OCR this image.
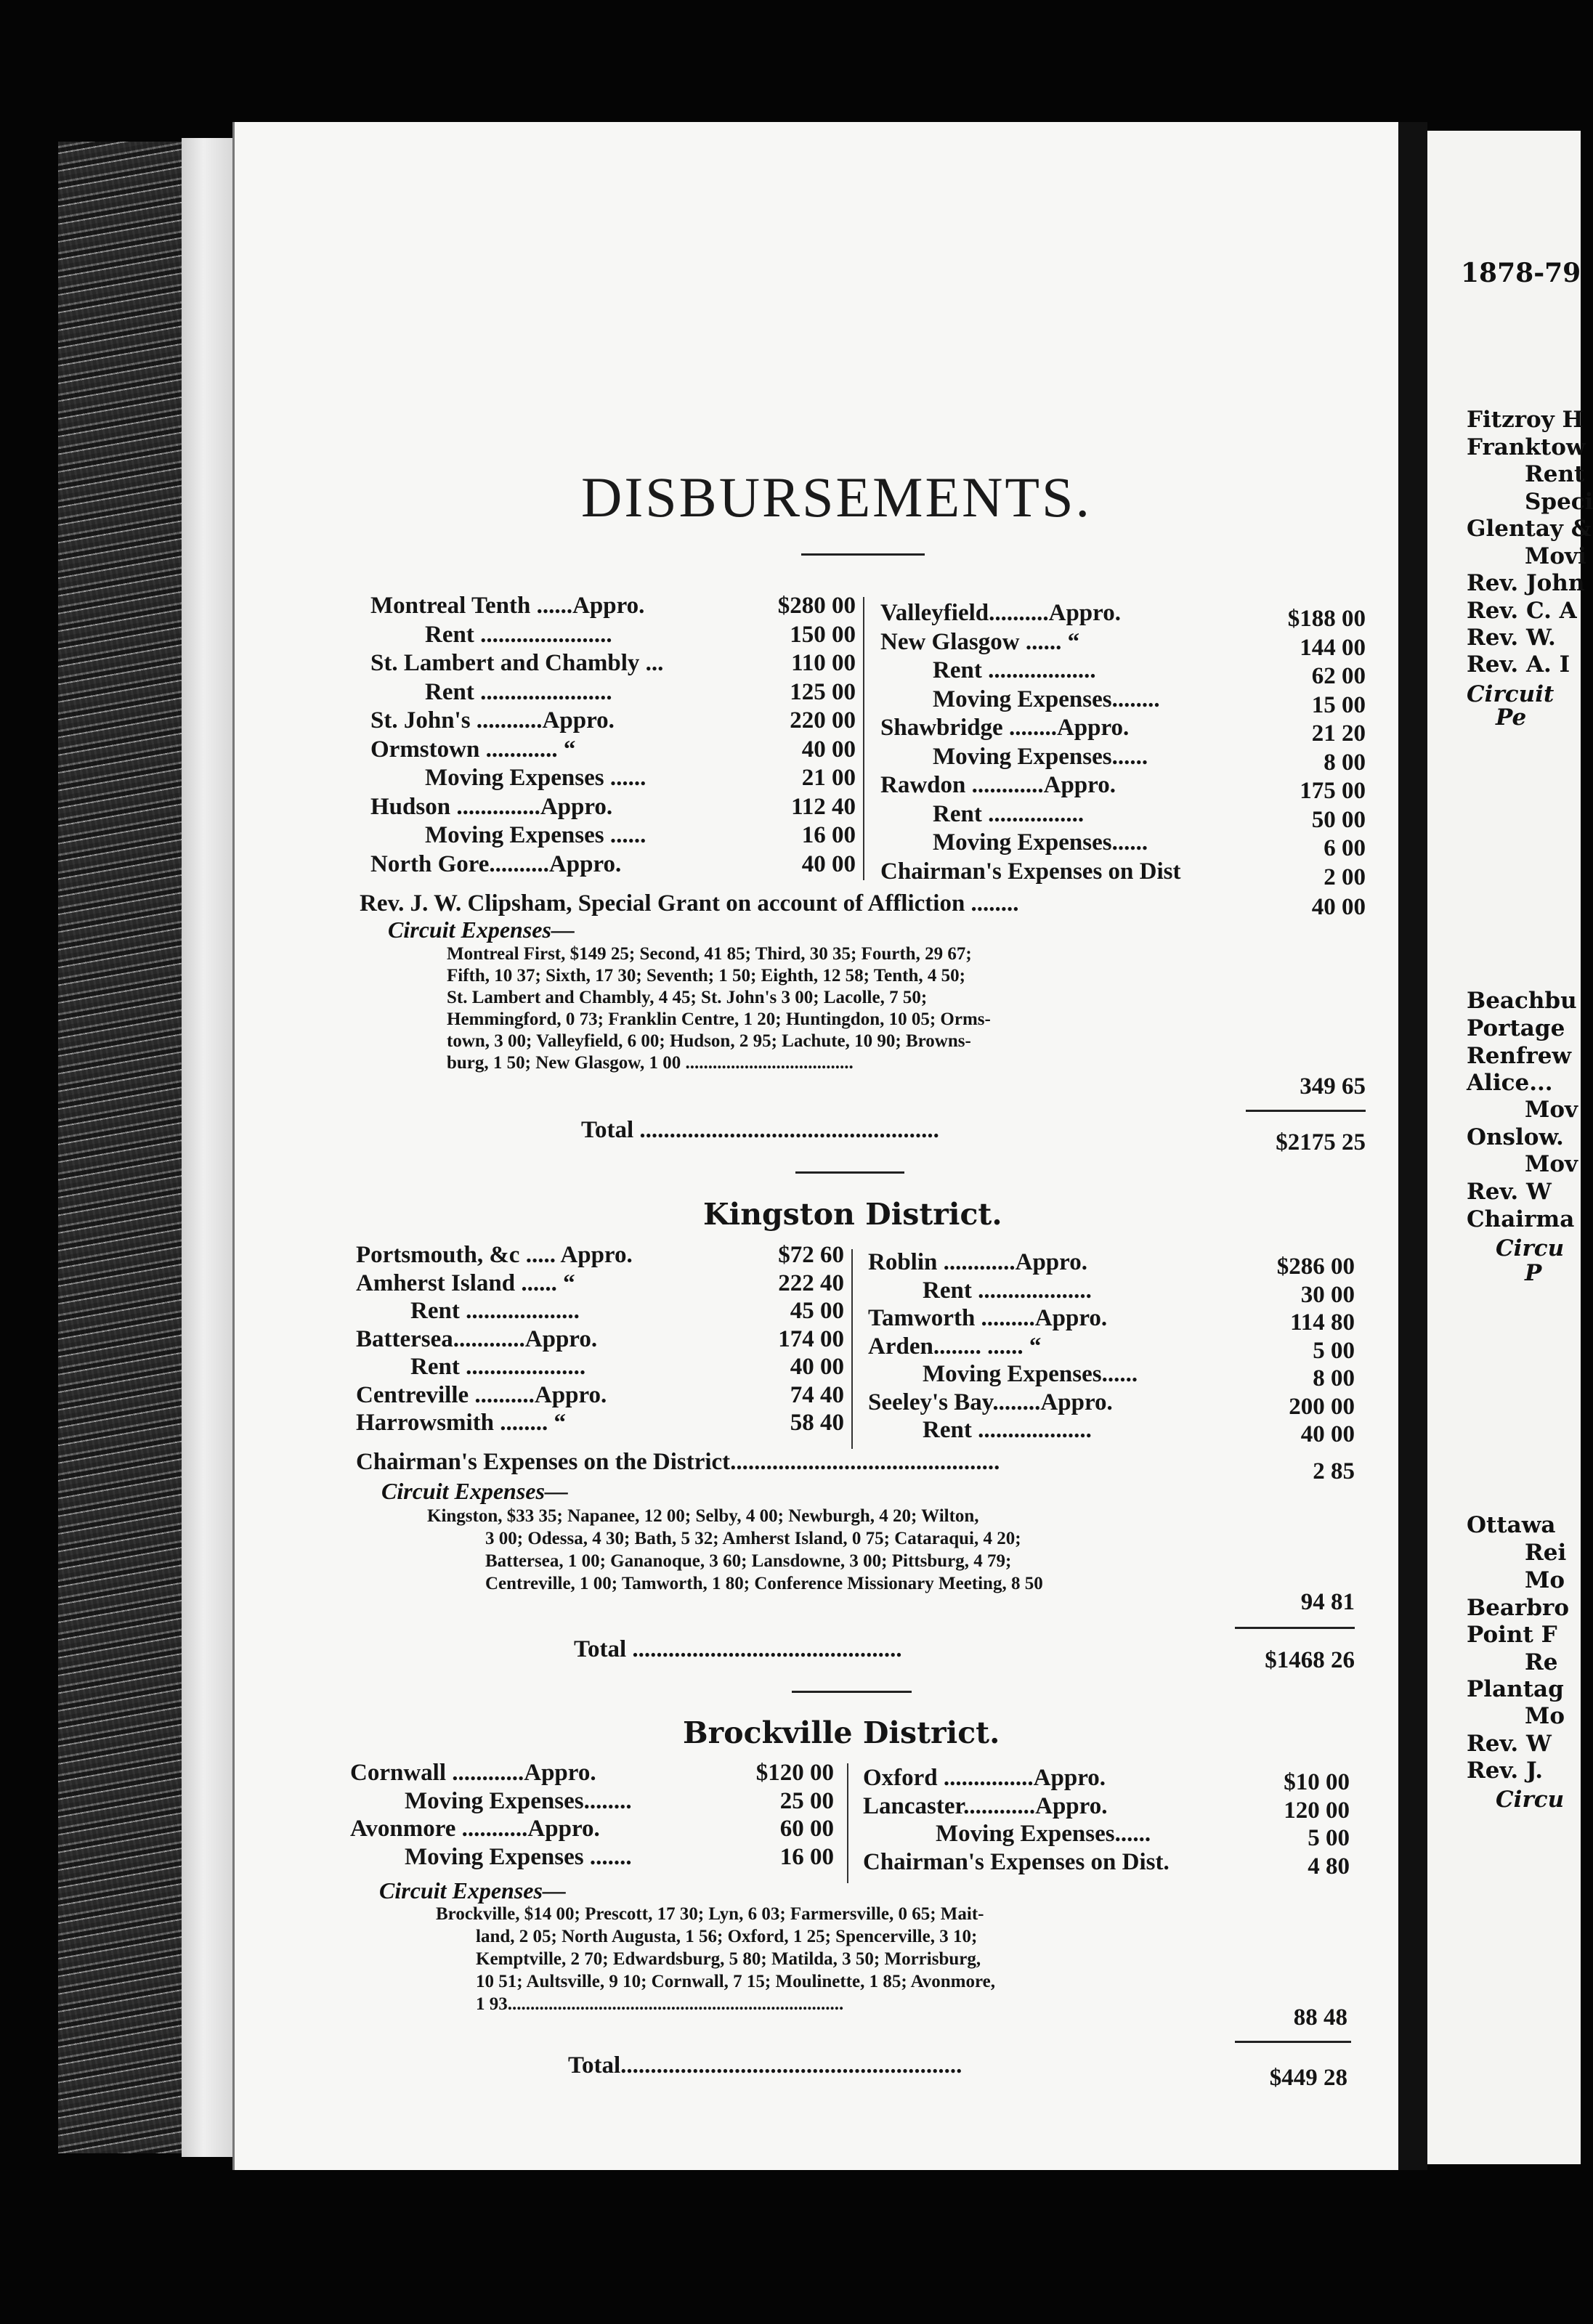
1878-79
Fitzroy H
Franktow
Rent
Speci
Glentay &
Movi
Rev. John
Rev. C. A
Rev. W.
Rev. A. I
Circuit
Pe
Beachbu
Portage
Renfrew
Alice...
Mov
Onslow.
Mov
Rev. W
Chairma
Circu
P
Ottawa
Rei
Mo
Bearbro
Point F
Re
Plantag
Mo
Rev. W
Rev. J.
Circu
DISBURSEMENTS.
Montreal Tenth ......Appro.	$280 00
Rent ......................	150 00
St. Lambert and Chambly ...	110 00
Rent ......................	125 00
St. John's ...........Appro.	220 00
Ormstown ............ “	40 00
Moving Expenses ......	21 00
Hudson ..............Appro.	112 40
Moving Expenses ......	16 00
North Gore..........Appro.	40 00
Valleyfield..........Appro.	$188 00
New Glasgow ...... “	144 00
Rent ..................	62 00
Moving Expenses........	15 00
Shawbridge ........Appro.	21 20
Moving Expenses......	8 00
Rawdon ............Appro.	175 00
Rent ................	50 00
Moving Expenses......	6 00
Chairman's Expenses on Dist	2 00
Rev. J. W. Clipsham, Special Grant on account of Affliction ........	40 00
Circuit Expenses—
Montreal First, $149 25; Second, 41 85; Third, 30 35; Fourth, 29 67;
Fifth, 10 37; Sixth, 17 30; Seventh; 1 50; Eighth, 12 58; Tenth, 4 50;
St. Lambert and Chambly, 4 45; St. John's 3 00; Lacolle, 7 50;
Hemmingford, 0 73; Franklin Centre, 1 20; Huntingdon, 10 05; Orms-
town, 3 00; Valleyfield, 6 00; Hudson, 2 95; Lachute, 10 90; Browns-
burg, 1 50; New Glasgow, 1 00 .....................................
349 65
Total ..................................................	$2175 25
Kingston District.
Portsmouth, &c ..... Appro.	$72 60
Amherst Island ...... “	222 40
Rent ...................	45 00
Battersea............Appro.	174 00
Rent ....................	40 00
Centreville ..........Appro.	74 40
Harrowsmith ........ “	58 40
Roblin ............Appro.	$286 00
Rent ...................	30 00
Tamworth .........Appro.	114 80
Arden........ ...... “	5 00
Moving Expenses......	8 00
Seeley's Bay........Appro.	200 00
Rent ...................	40 00
Chairman's Expenses on the District.............................................	2 85
Circuit Expenses—
Kingston, $33 35; Napanee, 12 00; Selby, 4 00; Newburgh, 4 20; Wilton,
3 00; Odessa, 4 30; Bath, 5 32; Amherst Island, 0 75; Cataraqui, 4 20;
Battersea, 1 00; Gananoque, 3 60; Lansdowne, 3 00; Pittsburg, 4 79;
Centreville, 1 00; Tamworth, 1 80; Conference Missionary Meeting, 8 50
94 81
Total .............................................	$1468 26
Brockville District.
Cornwall ............Appro.	$120 00
Moving Expenses........	25 00
Avonmore ...........Appro.	60 00
Moving Expenses .......	16 00
Oxford ...............Appro.	$10 00
Lancaster............Appro.	120 00
Moving Expenses......	5 00
Chairman's Expenses on Dist.	4 80
Circuit Expenses—
Brockville, $14 00; Prescott, 17 30; Lyn, 6 03; Farmersville, 0 65; Mait-
land, 2 05; North Augusta, 1 56; Oxford, 1 25; Spencerville, 3 10;
Kemptville, 2 70; Edwardsburg, 5 80; Matilda, 3 50; Morrisburg,
10 51; Aultsville, 9 10; Cornwall, 7 15; Moulinette, 1 85; Avonmore,
1 93..........................................................................
88 48
Total.........................................................	$449 28
